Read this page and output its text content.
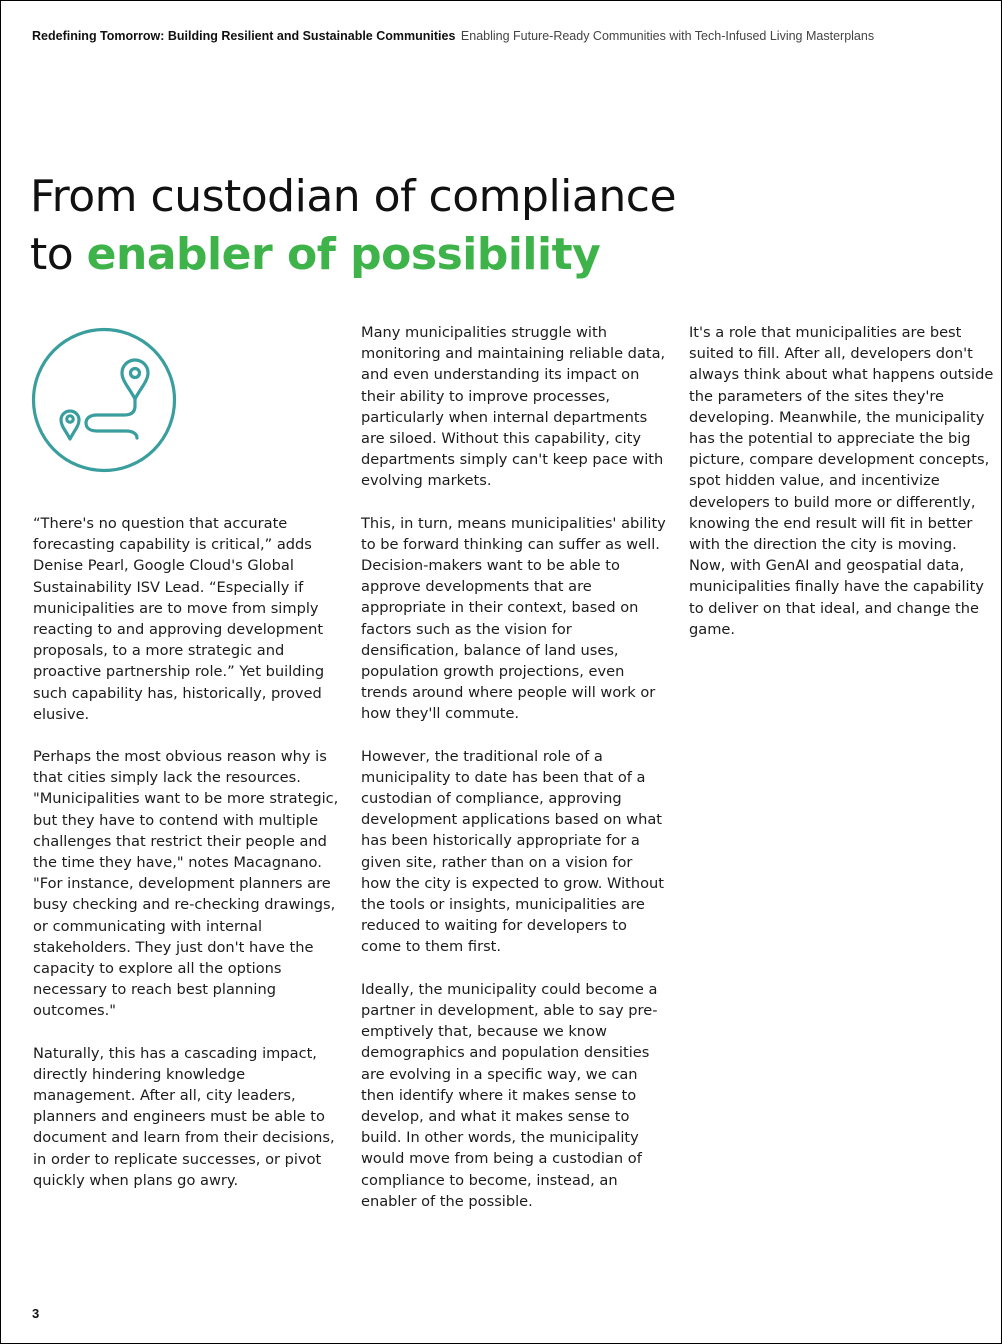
Redefining Tomorrow: Building Resilient and Sustainable Communities Enabling Future-Ready Communities with Tech-Infused Living Masterplans
From custodian of compliance
to enabler of possibility

“There's no question that accurate forecasting capability is critical,” adds Denise Pearl, Google Cloud's Global Sustainability ISV Lead. “Especially if municipalities are to move from simply reacting to and approving development proposals, to a more strategic and proactive partnership role.” Yet building such capability has, historically, proved elusive.

Perhaps the most obvious reason why is that cities simply lack the resources. "Municipalities want to be more strategic, but they have to contend with multiple challenges that restrict their people and the time they have," notes Macagnano. "For instance, development planners are busy checking and re-checking drawings, or communicating with internal stakeholders. They just don't have the capacity to explore all the options necessary to reach best planning outcomes."

Naturally, this has a cascading impact, directly hindering knowledge management. After all, city leaders, planners and engineers must be able to document and learn from their decisions, in order to replicate successes, or pivot quickly when plans go awry.

Many municipalities struggle with monitoring and maintaining reliable data, and even understanding its impact on their ability to improve processes, particularly when internal departments are siloed. Without this capability, city departments simply can't keep pace with evolving markets.

This, in turn, means municipalities' ability to be forward thinking can suffer as well. Decision-makers want to be able to approve developments that are appropriate in their context, based on factors such as the vision for densification, balance of land uses, population growth projections, even trends around where people will work or how they'll commute.

However, the traditional role of a municipality to date has been that of a custodian of compliance, approving development applications based on what has been historically appropriate for a given site, rather than on a vision for how the city is expected to grow. Without the tools or insights, municipalities are reduced to waiting for developers to come to them first.

Ideally, the municipality could become a partner in development, able to say pre-emptively that, because we know demographics and population densities are evolving in a specific way, we can then identify where it makes sense to develop, and what it makes sense to build. In other words, the municipality would move from being a custodian of compliance to become, instead, an enabler of the possible.

It's a role that municipalities are best suited to fill. After all, developers don't always think about what happens outside the parameters of the sites they're developing. Meanwhile, the municipality has the potential to appreciate the big picture, compare development concepts, spot hidden value, and incentivize developers to build more or differently, knowing the end result will fit in better with the direction the city is moving. Now, with GenAI and geospatial data, municipalities finally have the capability to deliver on that ideal, and change the game.

3
